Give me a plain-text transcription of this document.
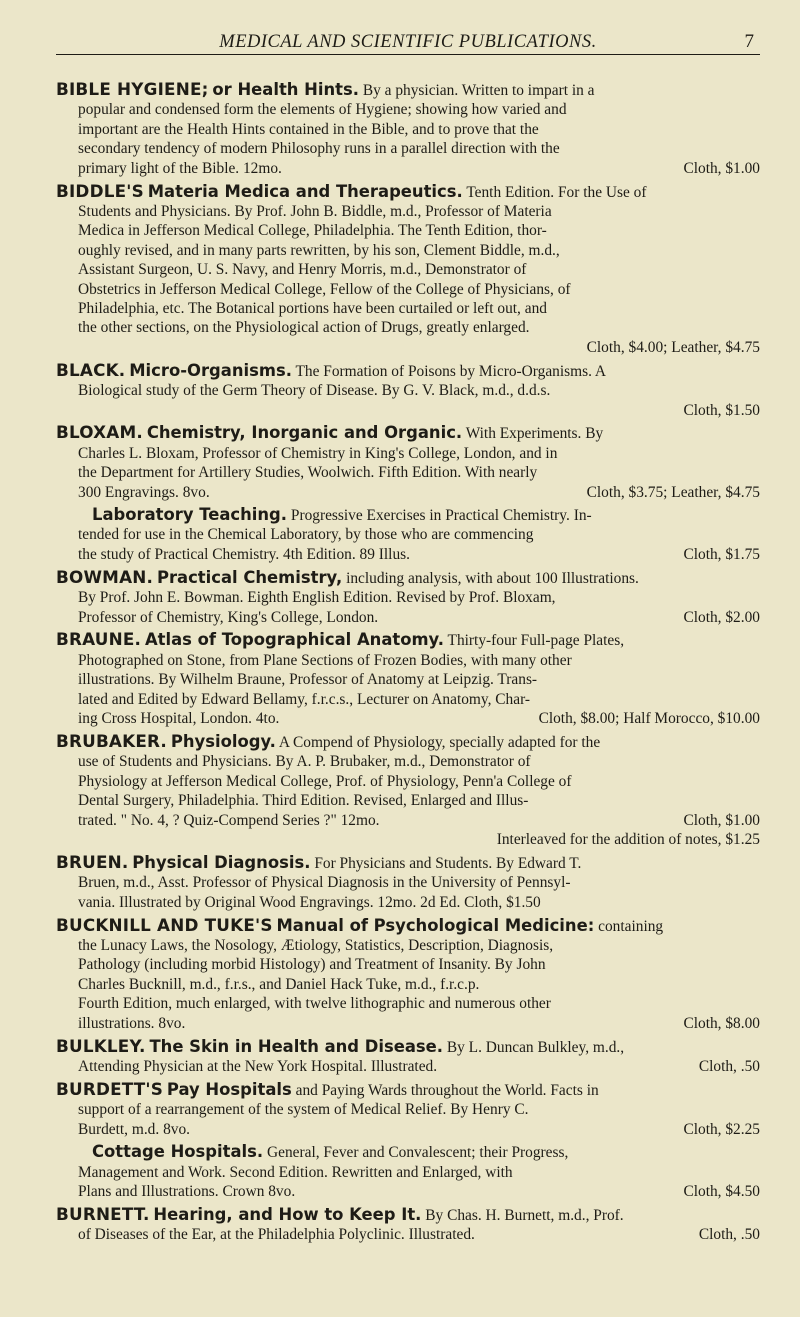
MEDICAL AND SCIENTIFIC PUBLICATIONS.	7
BIBLE HYGIENE; or Health Hints. By a physician. Written to impart in a
popular and condensed form the elements of Hygiene; showing how varied and
important are the Health Hints contained in the Bible, and to prove that the
secondary tendency of modern Philosophy runs in a parallel direction with the
primary light of the Bible. 12mo.	Cloth, $1.00
BIDDLE'S Materia Medica and Therapeutics. Tenth Edition. For the Use of
Students and Physicians. By Prof. John B. Biddle, m.d., Professor of Materia
Medica in Jefferson Medical College, Philadelphia. The Tenth Edition, thor-
oughly revised, and in many parts rewritten, by his son, Clement Biddle, m.d.,
Assistant Surgeon, U. S. Navy, and Henry Morris, m.d., Demonstrator of
Obstetrics in Jefferson Medical College, Fellow of the College of Physicians, of
Philadelphia, etc. The Botanical portions have been curtailed or left out, and
the other sections, on the Physiological action of Drugs, greatly enlarged.
Cloth, $4.00; Leather, $4.75
BLACK. Micro-Organisms. The Formation of Poisons by Micro-Organisms. A
Biological study of the Germ Theory of Disease. By G. V. Black, m.d., d.d.s.
Cloth, $1.50
BLOXAM. Chemistry, Inorganic and Organic. With Experiments. By
Charles L. Bloxam, Professor of Chemistry in King's College, London, and in
the Department for Artillery Studies, Woolwich. Fifth Edition. With nearly
300 Engravings. 8vo.	Cloth, $3.75; Leather, $4.75
Laboratory Teaching. Progressive Exercises in Practical Chemistry. In-
tended for use in the Chemical Laboratory, by those who are commencing
the study of Practical Chemistry. 4th Edition. 89 Illus.	Cloth, $1.75
BOWMAN. Practical Chemistry, including analysis, with about 100 Illustrations.
By Prof. John E. Bowman. Eighth English Edition. Revised by Prof. Bloxam,
Professor of Chemistry, King's College, London.	Cloth, $2.00
BRAUNE. Atlas of Topographical Anatomy. Thirty-four Full-page Plates,
Photographed on Stone, from Plane Sections of Frozen Bodies, with many other
illustrations. By Wilhelm Braune, Professor of Anatomy at Leipzig. Trans-
lated and Edited by Edward Bellamy, f.r.c.s., Lecturer on Anatomy, Char-
ing Cross Hospital, London. 4to.	Cloth, $8.00; Half Morocco, $10.00
BRUBAKER. Physiology. A Compend of Physiology, specially adapted for the
use of Students and Physicians. By A. P. Brubaker, m.d., Demonstrator of
Physiology at Jefferson Medical College, Prof. of Physiology, Penn'a College of
Dental Surgery, Philadelphia. Third Edition. Revised, Enlarged and Illus-
trated. " No. 4, ? Quiz-Compend Series ?" 12mo.	Cloth, $1.00
Interleaved for the addition of notes, $1.25
BRUEN. Physical Diagnosis. For Physicians and Students. By Edward T.
Bruen, m.d., Asst. Professor of Physical Diagnosis in the University of Pennsyl-
vania. Illustrated by Original Wood Engravings. 12mo. 2d Ed. Cloth, $1.50
BUCKNILL AND TUKE'S Manual of Psychological Medicine: containing
the Lunacy Laws, the Nosology, Ætiology, Statistics, Description, Diagnosis,
Pathology (including morbid Histology) and Treatment of Insanity. By John
Charles Bucknill, m.d., f.r.s., and Daniel Hack Tuke, m.d., f.r.c.p.
Fourth Edition, much enlarged, with twelve lithographic and numerous other
illustrations. 8vo.	Cloth, $8.00
BULKLEY. The Skin in Health and Disease. By L. Duncan Bulkley, m.d.,
Attending Physician at the New York Hospital. Illustrated.	Cloth, .50
BURDETT'S Pay Hospitals and Paying Wards throughout the World. Facts in
support of a rearrangement of the system of Medical Relief. By Henry C.
Burdett, m.d. 8vo.	Cloth, $2.25
Cottage Hospitals. General, Fever and Convalescent; their Progress,
Management and Work. Second Edition. Rewritten and Enlarged, with
Plans and Illustrations. Crown 8vo.	Cloth, $4.50
BURNETT. Hearing, and How to Keep It. By Chas. H. Burnett, m.d., Prof.
of Diseases of the Ear, at the Philadelphia Polyclinic. Illustrated.	Cloth, .50
